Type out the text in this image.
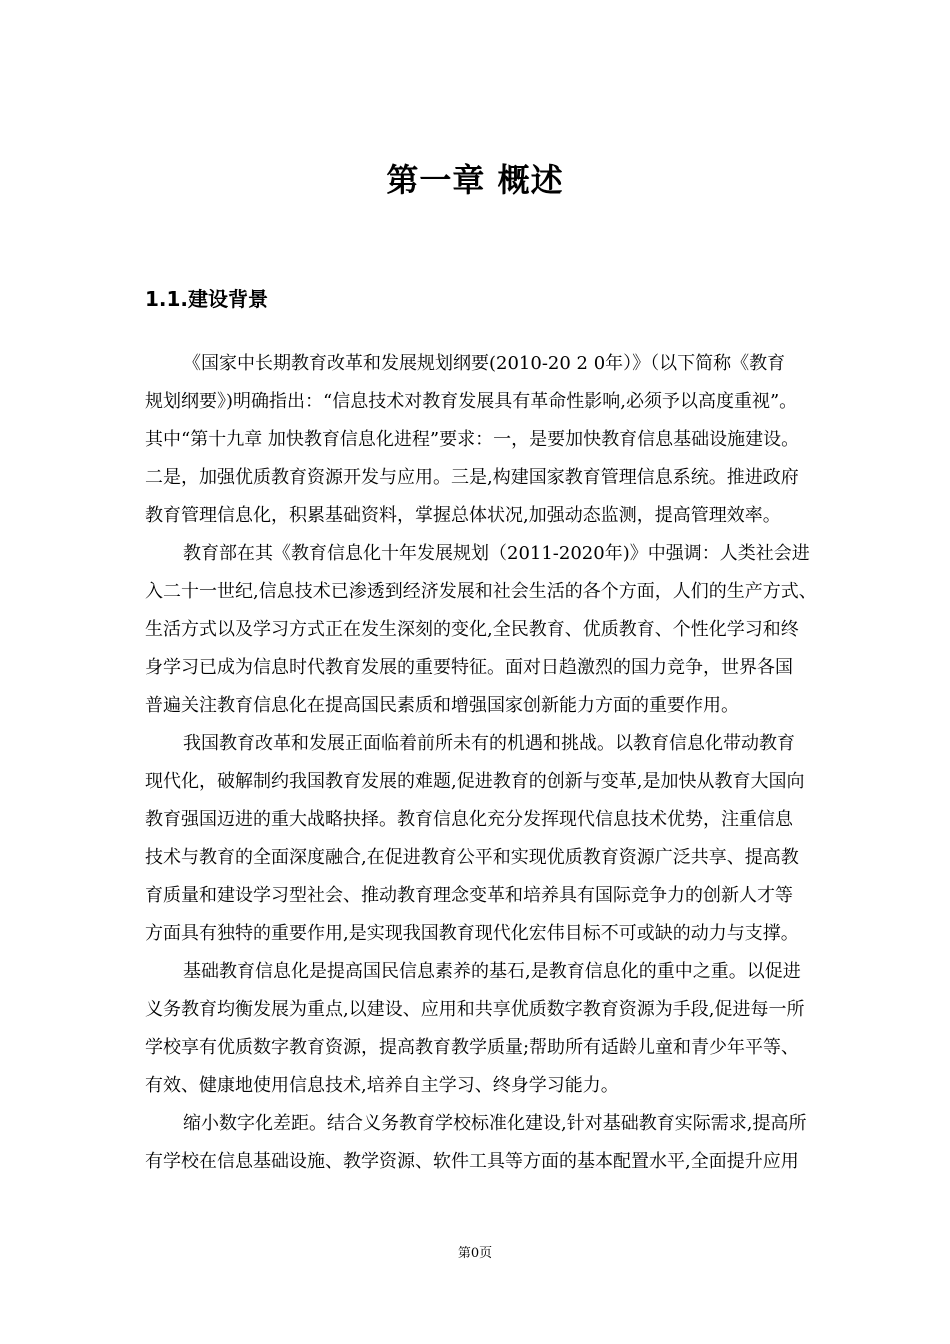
第一章 概述
1.1.建设背景
《国家中长期教育改革和发展规划纲要(2010-20 2 0年）》（以下简称《教育
规划纲要》)明确指出：“信息技术对教育发展具有革命性影响,必须予以高度重视”。
其中“第十九章 加快教育信息化进程”要求：一，是要加快教育信息基础设施建设。
二是，加强优质教育资源开发与应用。三是,构建国家教育管理信息系统。推进政府
教育管理信息化，积累基础资料，掌握总体状况,加强动态监测，提高管理效率。
教育部在其《教育信息化十年发展规划（2011-2020年)》中强调：人类社会进
入二十一世纪,信息技术已渗透到经济发展和社会生活的各个方面，人们的生产方式、
生活方式以及学习方式正在发生深刻的变化,全民教育、优质教育、个性化学习和终
身学习已成为信息时代教育发展的重要特征。面对日趋激烈的国力竞争，世界各国
普遍关注教育信息化在提高国民素质和增强国家创新能力方面的重要作用。
我国教育改革和发展正面临着前所未有的机遇和挑战。以教育信息化带动教育
现代化，破解制约我国教育发展的难题,促进教育的创新与变革,是加快从教育大国向
教育强国迈进的重大战略抉择。教育信息化充分发挥现代信息技术优势，注重信息
技术与教育的全面深度融合,在促进教育公平和实现优质教育资源广泛共享、提高教
育质量和建设学习型社会、推动教育理念变革和培养具有国际竞争力的创新人才等
方面具有独特的重要作用,是实现我国教育现代化宏伟目标不可或缺的动力与支撑。
基础教育信息化是提高国民信息素养的基石,是教育信息化的重中之重。以促进
义务教育均衡发展为重点,以建设、应用和共享优质数字教育资源为手段,促进每一所
学校享有优质数字教育资源，提高教育教学质量;帮助所有适龄儿童和青少年平等、
有效、健康地使用信息技术,培养自主学习、终身学习能力。
缩小数字化差距。结合义务教育学校标准化建设,针对基础教育实际需求,提高所
有学校在信息基础设施、教学资源、软件工具等方面的基本配置水平,全面提升应用
第0页
